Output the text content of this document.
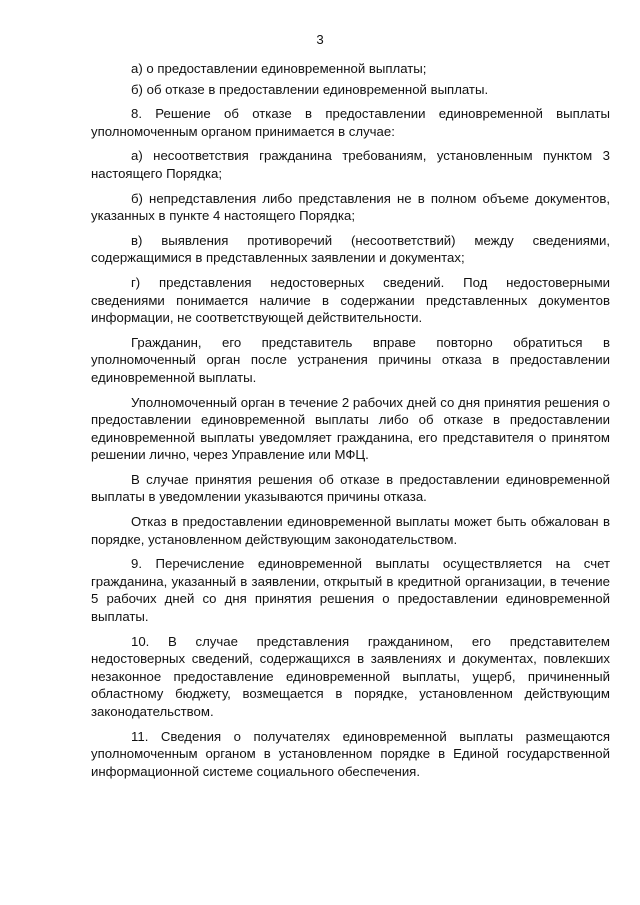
3

а) о предоставлении единовременной выплаты;

б) об отказе в предоставлении единовременной выплаты.

8. Решение об отказе в предоставлении единовременной выплаты уполномоченным органом принимается в случае:

а) несоответствия гражданина требованиям, установленным пунктом 3 настоящего Порядка;

б) непредставления либо представления не в полном объеме документов, указанных в пункте 4 настоящего Порядка;

в) выявления противоречий (несоответствий) между сведениями, содержащимися в представленных заявлении и документах;

г) представления недостоверных сведений. Под недостоверными сведениями понимается наличие в содержании представленных документов информации, не соответствующей действительности.

Гражданин, его представитель вправе повторно обратиться в уполномоченный орган после устранения причины отказа в предоставлении единовременной выплаты.

Уполномоченный орган в течение 2 рабочих дней со дня принятия решения о предоставлении единовременной выплаты либо об отказе в предоставлении единовременной выплаты уведомляет гражданина, его представителя о принятом решении лично, через Управление или МФЦ.

В случае принятия решения об отказе в предоставлении единовременной выплаты в уведомлении указываются причины отказа.

Отказ в предоставлении единовременной выплаты может быть обжалован в порядке, установленном действующим законодательством.

9. Перечисление единовременной выплаты осуществляется на счет гражданина, указанный в заявлении, открытый в кредитной организации, в течение 5 рабочих дней со дня принятия решения о предоставлении единовременной выплаты.

10. В случае представления гражданином, его представителем недостоверных сведений, содержащихся в заявлениях и документах, повлекших незаконное предоставление единовременной выплаты, ущерб, причиненный областному бюджету, возмещается в порядке, установленном действующим законодательством.

11. Сведения о получателях единовременной выплаты размещаются уполномоченным органом в установленном порядке в Единой государственной информационной системе социального обеспечения.
